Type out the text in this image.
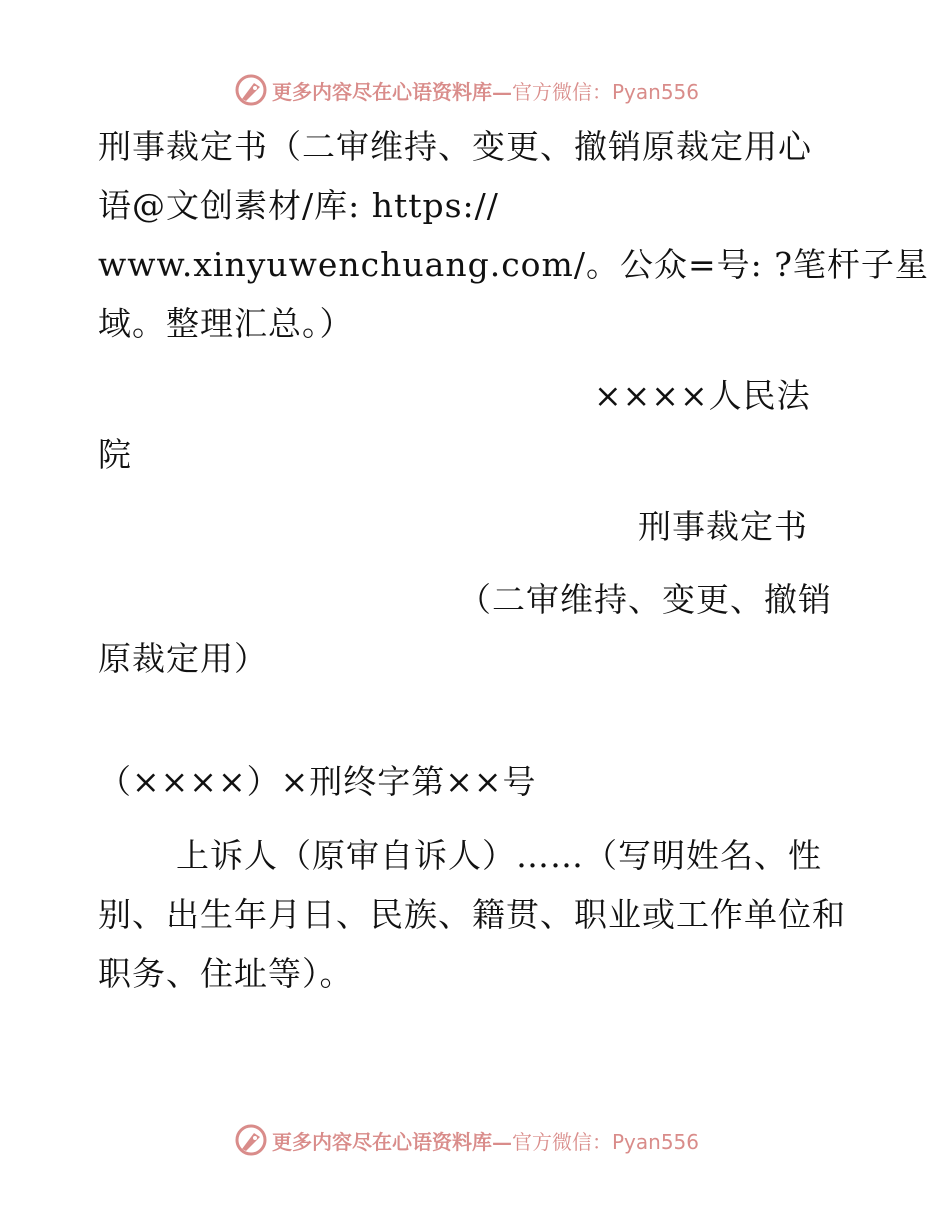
更多内容尽在心语资料库— 官方微信：Pyan556
刑事裁定书（二审维持、变更、撤销原裁定用心
语@文创素材/库: https://
www.xinyuwenchuang.com/。公众=号: ?笔杆子星
域。整理汇总。）
××××人民法
院
刑事裁定书
（二审维持、变更、撤销
原裁定用）
（××××）×刑终字第××号
上诉人（原审自诉人）……（写明姓名、性
别、出生年月日、民族、籍贯、职业或工作单位和
职务、住址等）。
更多内容尽在心语资料库— 官方微信：Pyan556
